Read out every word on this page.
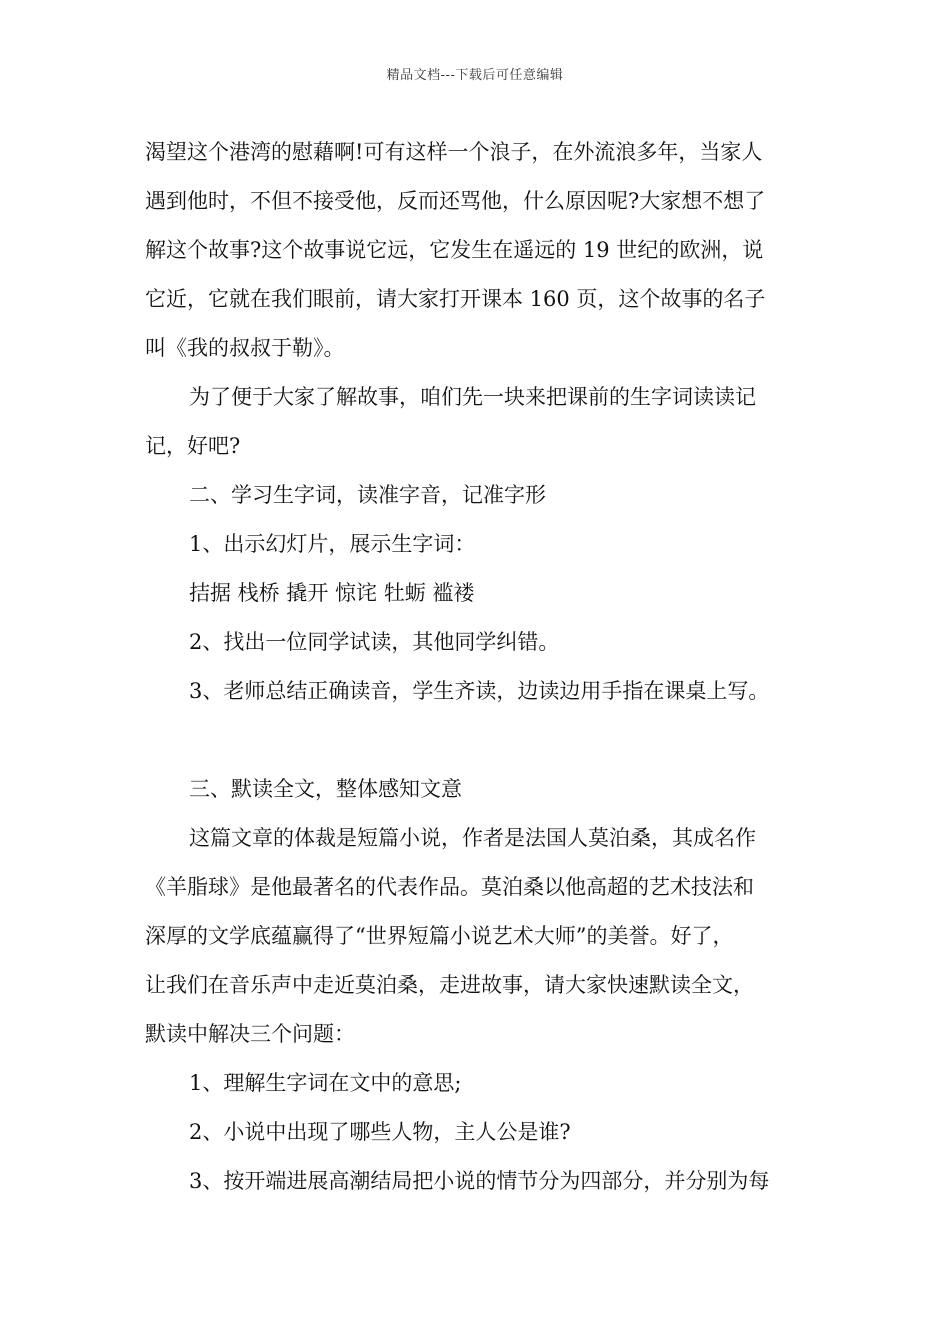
精品文档---下载后可任意编辑
渴望这个港湾的慰藉啊!可有这样一个浪子，在外流浪多年，当家人
遇到他时，不但不接受他，反而还骂他，什么原因呢?大家想不想了
解这个故事?这个故事说它远，它发生在遥远的 19 世纪的欧洲，说
它近，它就在我们眼前，请大家打开课本 160 页，这个故事的名子
叫《我的叔叔于勒》。
为了便于大家了解故事，咱们先一块来把课前的生字词读读记
记，好吧?
二、学习生字词，读准字音，记准字形
1、出示幻灯片，展示生字词：
拮据 栈桥 撬开 惊诧 牡蛎 褴褛
2、找出一位同学试读，其他同学纠错。
3、老师总结正确读音，学生齐读，边读边用手指在课桌上写。
三、默读全文，整体感知文意
这篇文章的体裁是短篇小说，作者是法国人莫泊桑，其成名作
《羊脂球》是他最著名的代表作品。莫泊桑以他高超的艺术技法和
深厚的文学底蕴赢得了“世界短篇小说艺术大师”的美誉。好了，
让我们在音乐声中走近莫泊桑，走进故事，请大家快速默读全文，
默读中解决三个问题：
1、理解生字词在文中的意思;
2、小说中出现了哪些人物，主人公是谁?
3、按开端进展高潮结局把小说的情节分为四部分，并分别为每
